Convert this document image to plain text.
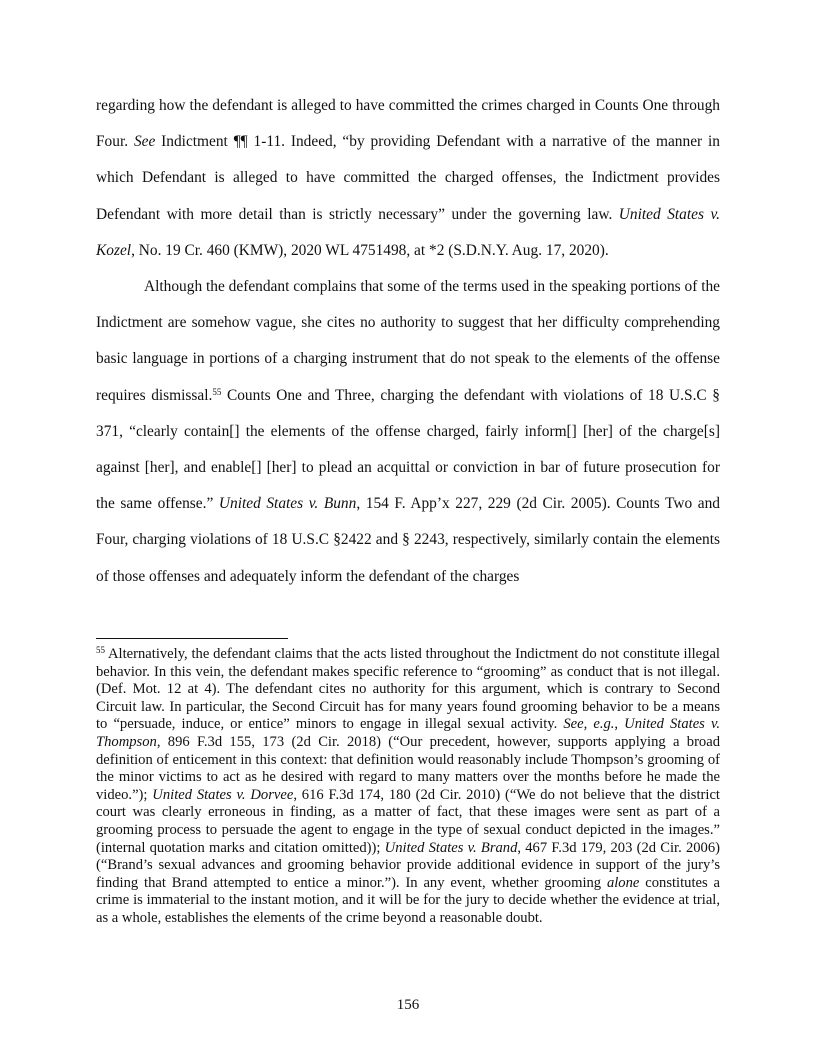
regarding how the defendant is alleged to have committed the crimes charged in Counts One through Four. See Indictment ¶¶ 1-11. Indeed, “by providing Defendant with a narrative of the manner in which Defendant is alleged to have committed the charged offenses, the Indictment provides Defendant with more detail than is strictly necessary” under the governing law. United States v. Kozel, No. 19 Cr. 460 (KMW), 2020 WL 4751498, at *2 (S.D.N.Y. Aug. 17, 2020).

Although the defendant complains that some of the terms used in the speaking portions of the Indictment are somehow vague, she cites no authority to suggest that her difficulty comprehending basic language in portions of a charging instrument that do not speak to the elements of the offense requires dismissal.$^{55}$ Counts One and Three, charging the defendant with violations of 18 U.S.C § 371, “clearly contain[] the elements of the offense charged, fairly inform[] [her] of the charge[s] against [her], and enable[] [her] to plead an acquittal or conviction in bar of future prosecution for the same offense.” United States v. Bunn, 154 F. App’x 227, 229 (2d Cir. 2005). Counts Two and Four, charging violations of 18 U.S.C §2422 and § 2243, respectively, similarly contain the elements of those offenses and adequately inform the defendant of the charges

$^{55}$ Alternatively, the defendant claims that the acts listed throughout the Indictment do not constitute illegal behavior. In this vein, the defendant makes specific reference to “grooming” as conduct that is not illegal. (Def. Mot. 12 at 4). The defendant cites no authority for this argument, which is contrary to Second Circuit law. In particular, the Second Circuit has for many years found grooming behavior to be a means to “persuade, induce, or entice” minors to engage in illegal sexual activity. See, e.g., United States v. Thompson, 896 F.3d 155, 173 (2d Cir. 2018) (“Our precedent, however, supports applying a broad definition of enticement in this context: that definition would reasonably include Thompson’s grooming of the minor victims to act as he desired with regard to many matters over the months before he made the video.”); United States v. Dorvee, 616 F.3d 174, 180 (2d Cir. 2010) (“We do not believe that the district court was clearly erroneous in finding, as a matter of fact, that these images were sent as part of a grooming process to persuade the agent to engage in the type of sexual conduct depicted in the images.” (internal quotation marks and citation omitted)); United States v. Brand, 467 F.3d 179, 203 (2d Cir. 2006) (“Brand’s sexual advances and grooming behavior provide additional evidence in support of the jury’s finding that Brand attempted to entice a minor.”). In any event, whether grooming alone constitutes a crime is immaterial to the instant motion, and it will be for the jury to decide whether the evidence at trial, as a whole, establishes the elements of the crime beyond a reasonable doubt.

156
